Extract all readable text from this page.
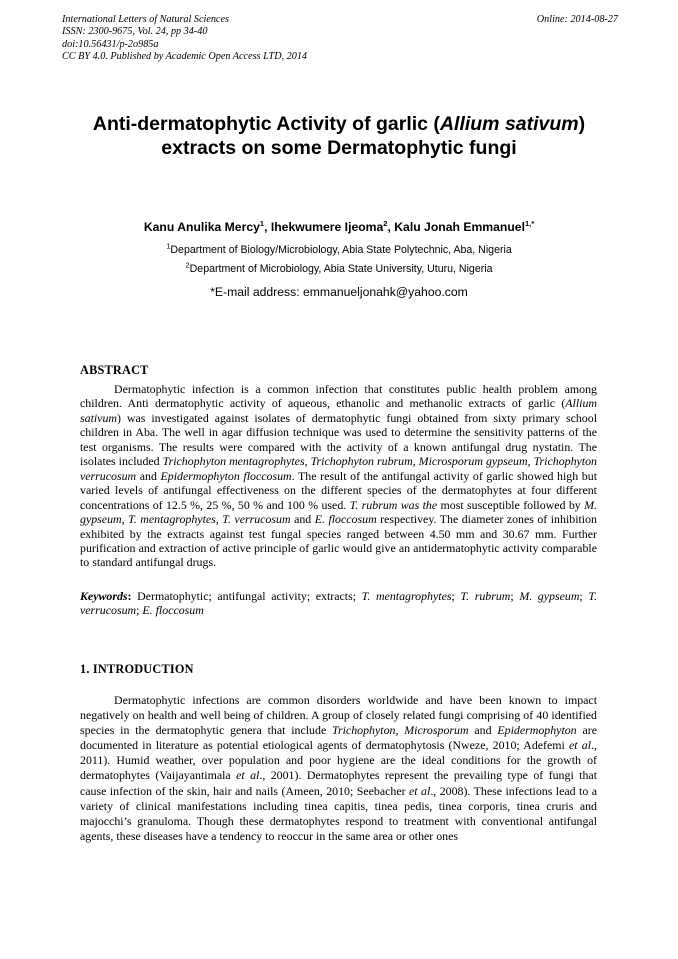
International Letters of Natural Sciences
ISSN: 2300-9675, Vol. 24, pp 34-40
doi:10.56431/p-2o985a
CC BY 4.0. Published by Academic Open Access LTD, 2014
Online: 2014-08-27
Anti-dermatophytic Activity of garlic (Allium sativum) extracts on some Dermatophytic fungi
Kanu Anulika Mercy$^1$, Ihekwumere Ijeoma$^2$, Kalu Jonah Emmanuel$^{1,*}$
$^1$Department of Biology/Microbiology, Abia State Polytechnic, Aba, Nigeria
$^2$Department of Microbiology, Abia State University, Uturu, Nigeria
*E-mail address: emmanueljonahk@yahoo.com
ABSTRACT
Dermatophytic infection is a common infection that constitutes public health problem among children. Anti dermatophytic activity of aqueous, ethanolic and methanolic extracts of garlic (Allium sativum) was investigated against isolates of dermatophytic fungi obtained from sixty primary school children in Aba. The well in agar diffusion technique was used to determine the sensitivity patterns of the test organisms. The results were compared with the activity of a known antifungal drug nystatin. The isolates included Trichophyton mentagrophytes, Trichophyton rubrum, Microsporum gypseum, Trichophyton verrucosum and Epidermophyton floccosum. The result of the antifungal activity of garlic showed high but varied levels of antifungal effectiveness on the different species of the dermatophytes at four different concentrations of 12.5 %, 25 %, 50 % and 100 % used. T. rubrum was the most susceptible followed by M. gypseum, T. mentagrophytes, T. verrucosum and E. floccosum respectivey. The diameter zones of inhibition exhibited by the extracts against test fungal species ranged between 4.50 mm and 30.67 mm. Further purification and extraction of active principle of garlic would give an antidermatophytic activity comparable to standard antifungal drugs.
Keywords: Dermatophytic; antifungal activity; extracts; T. mentagrophytes; T. rubrum; M. gypseum; T. verrucosum; E. floccosum
1. INTRODUCTION
Dermatophytic infections are common disorders worldwide and have been known to impact negatively on health and well being of children. A group of closely related fungi comprising of 40 identified species in the dermatophytic genera that include Trichophyton, Microsporum and Epidermophyton are documented in literature as potential etiological agents of dermatophytosis (Nweze, 2010; Adefemi et al., 2011). Humid weather, over population and poor hygiene are the ideal conditions for the growth of dermatophytes (Vaijayantimala et al., 2001). Dermatophytes represent the prevailing type of fungi that cause infection of the skin, hair and nails (Ameen, 2010; Seebacher et al., 2008). These infections lead to a variety of clinical manifestations including tinea capitis, tinea pedis, tinea corporis, tinea cruris and majocchi’s granuloma. Though these dermatophytes respond to treatment with conventional antifungal agents, these diseases have a tendency to reoccur in the same area or other ones
